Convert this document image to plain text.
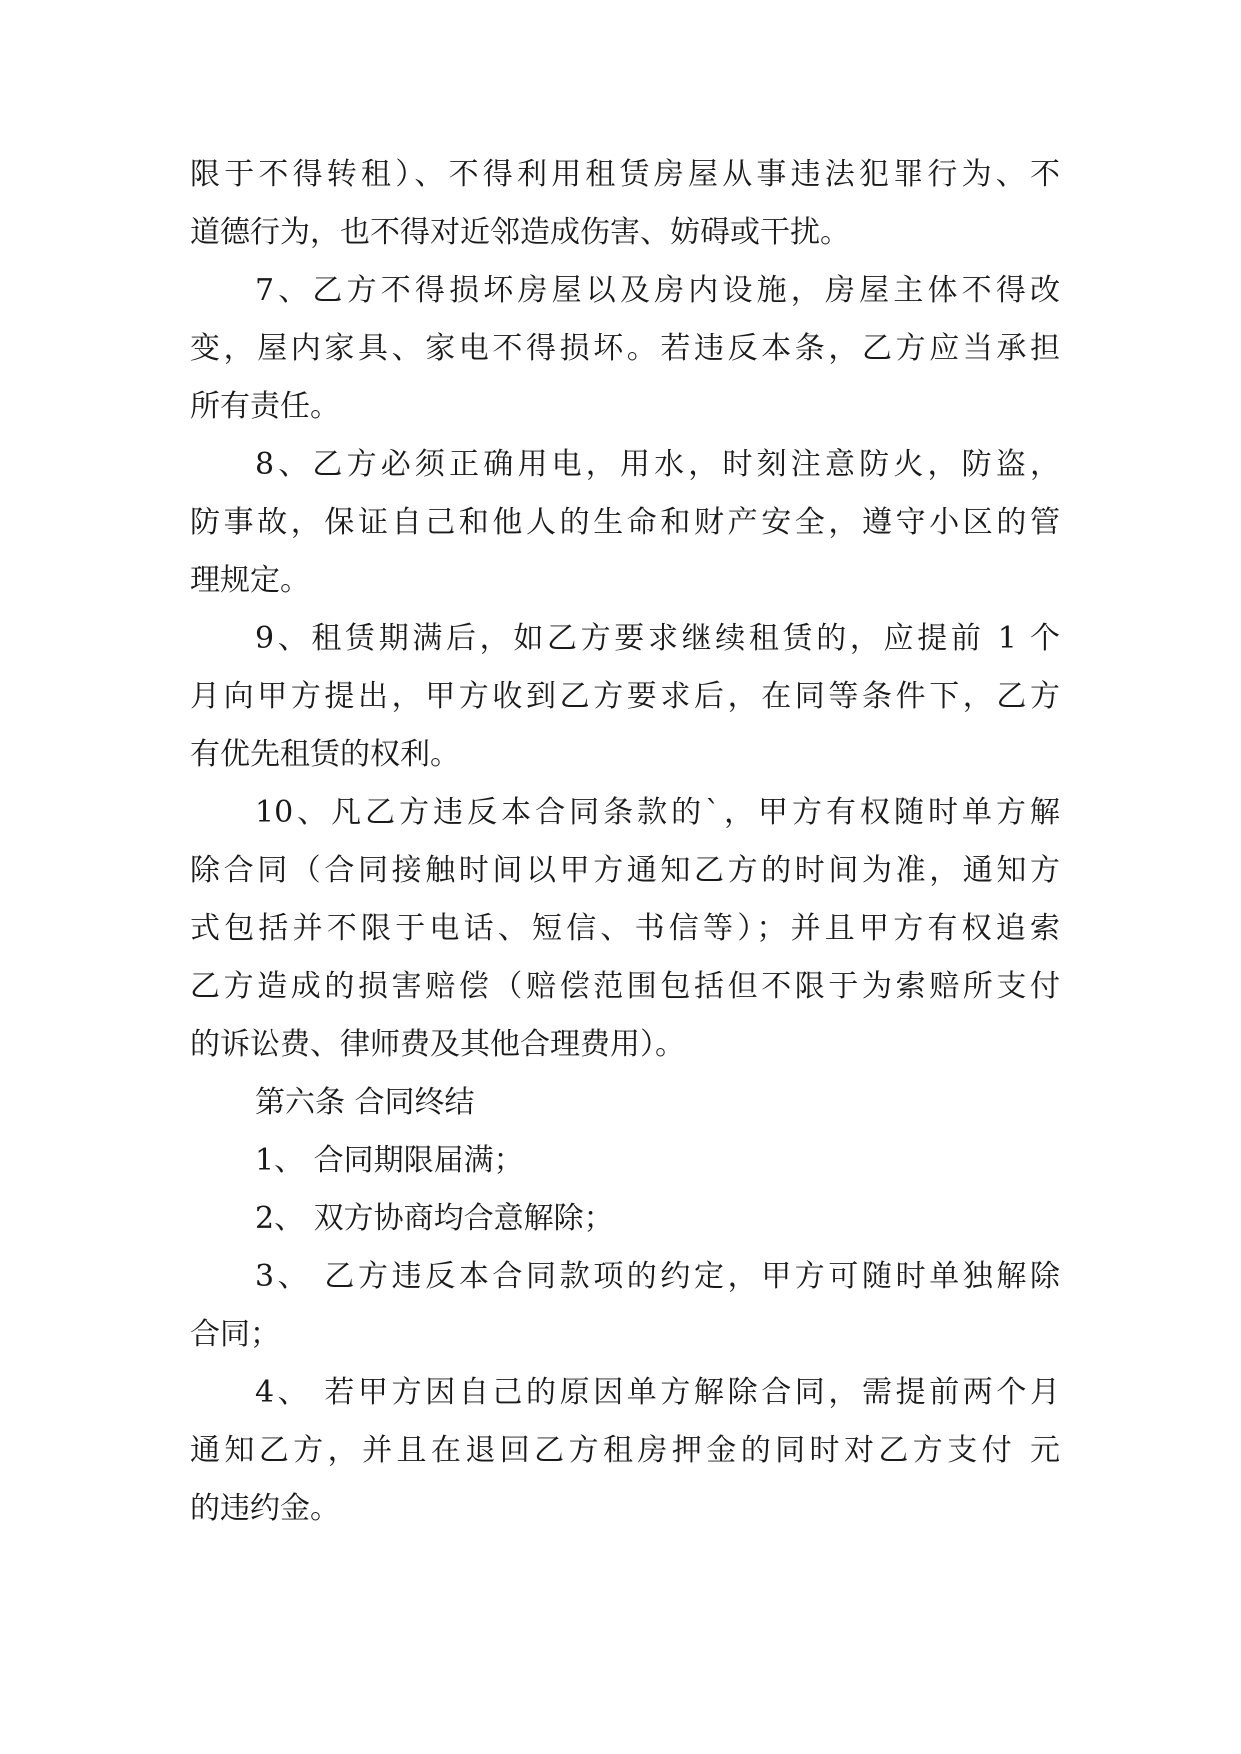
限于不得转租）、不得利用租赁房屋从事违法犯罪行为、不
道德行为，也不得对近邻造成伤害、妨碍或干扰。
7、乙方不得损坏房屋以及房内设施，房屋主体不得改
变，屋内家具、家电不得损坏。若违反本条，乙方应当承担
所有责任。
8、乙方必须正确用电，用水，时刻注意防火，防盗，
防事故，保证自己和他人的生命和财产安全，遵守小区的管
理规定。
9、租赁期满后，如乙方要求继续租赁的，应提前 1 个
月向甲方提出，甲方收到乙方要求后，在同等条件下，乙方
有优先租赁的权利。
10、凡乙方违反本合同条款的`，甲方有权随时单方解
除合同（合同接触时间以甲方通知乙方的时间为准，通知方
式包括并不限于电话、短信、书信等）；并且甲方有权追索
乙方造成的损害赔偿（赔偿范围包括但不限于为索赔所支付
的诉讼费、律师费及其他合理费用）。
第六条 合同终结
1、 合同期限届满；
2、 双方协商均合意解除；
3、 乙方违反本合同款项的约定，甲方可随时单独解除
合同；
4、 若甲方因自己的原因单方解除合同，需提前两个月
通知乙方，并且在退回乙方租房押金的同时对乙方支付 元
的违约金。
